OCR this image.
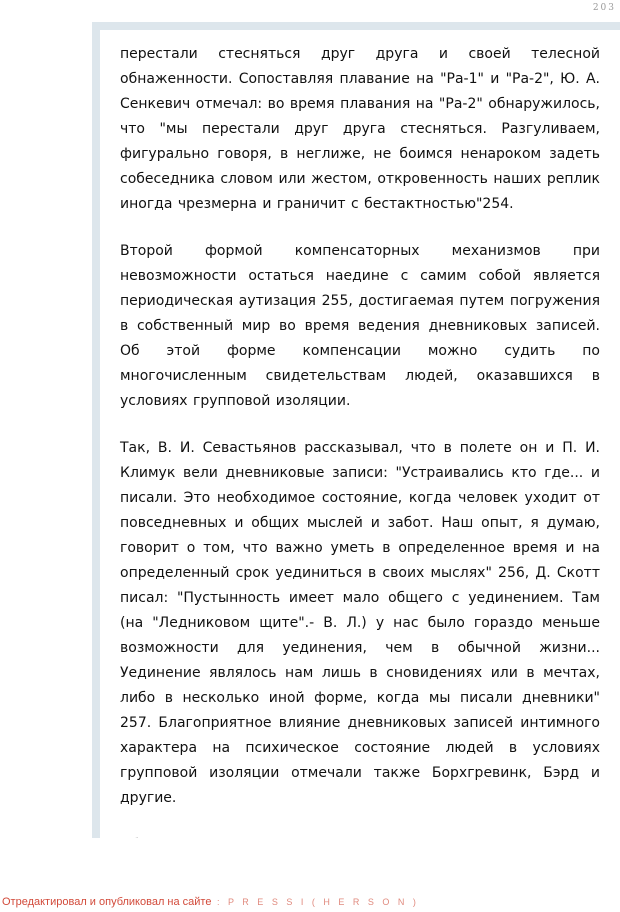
203

перестали стесняться друг друга и своей телесной обнаженности. Сопоставляя плавание на "Ра-1" и "Ра-2", Ю. А. Сенкевич отмечал: во время плавания на "Ра-2" обнаружилось, что "мы перестали друг друга стесняться. Разгуливаем, фигурально говоря, в неглиже, не боимся ненароком задеть собеседника словом или жестом, откровенность наших реплик иногда чрезмерна и граничит с бестактностью"254.

Второй формой компенсаторных механизмов при невозможности остаться наедине с самим собой является периодическая аутизация 255, достигаемая путем погружения в собственный мир во время ведения дневниковых записей. Об этой форме компенсации можно судить по многочисленным свидетельствам людей, оказавшихся в условиях групповой изоляции.

Так, В. И. Севастьянов рассказывал, что в полете он и П. И. Климук вели дневниковые записи: "Устраивались кто где... и писали. Это необходимое состояние, когда человек уходит от повседневных и общих мыслей и забот. Наш опыт, я думаю, говорит о том, что важно уметь в определенное время и на определенный срок уединиться в своих мыслях" 256, Д. Скотт писал: "Пустынность имеет мало общего с уединением. Там (на "Ледниковом щите".- В. Л.) у нас было гораздо меньше возможности для уединения, чем в обычной жизни... Уединение являлось нам лишь в сновидениях или в мечтах, либо в несколько иной форме, когда мы писали дневники" 257. Благоприятное влияние дневниковых записей интимного характера на психическое состояние людей в условиях групповой изоляции отмечали также Борхгревинк, Бэрд и другие.

Отредактировал и опубликовал на сайте : P R E S S I ( H E R S O N )
